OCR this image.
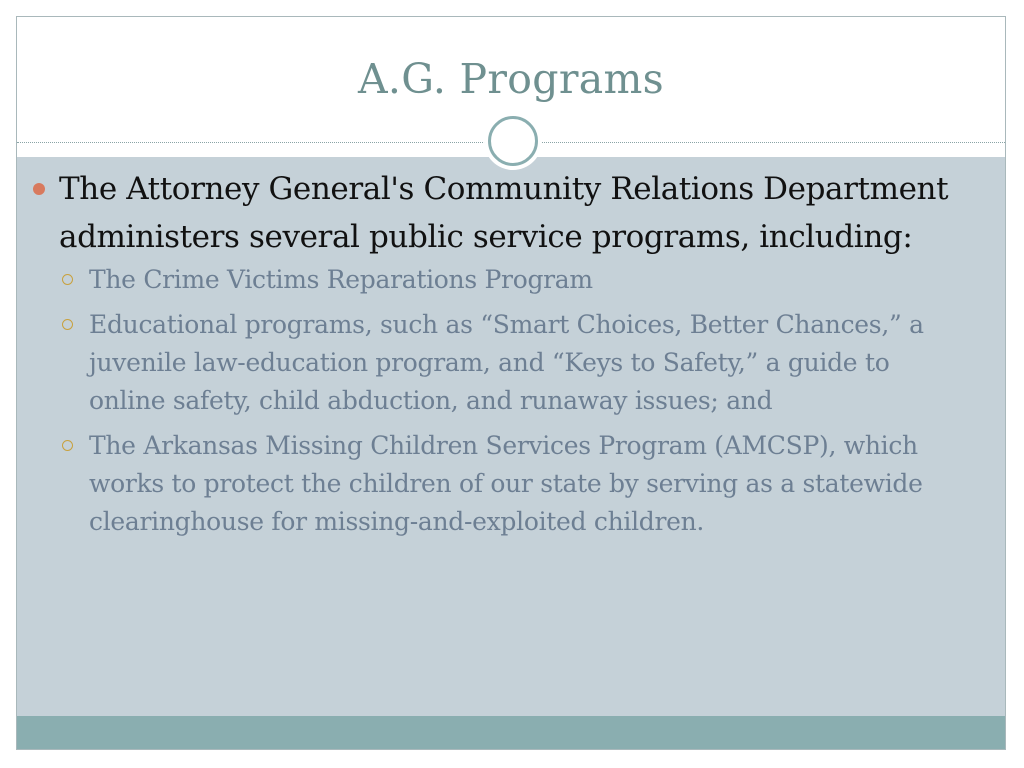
A.G. Programs

The Attorney General's Community Relations Department administers several public service programs, including:

The Crime Victims Reparations Program

Educational programs, such as “Smart Choices, Better Chances,” a juvenile law-education program, and “Keys to Safety,” a guide to online safety, child abduction, and runaway issues; and

The Arkansas Missing Children Services Program (AMCSP), which works to protect the children of our state by serving as a statewide clearinghouse for missing-and-exploited children.
